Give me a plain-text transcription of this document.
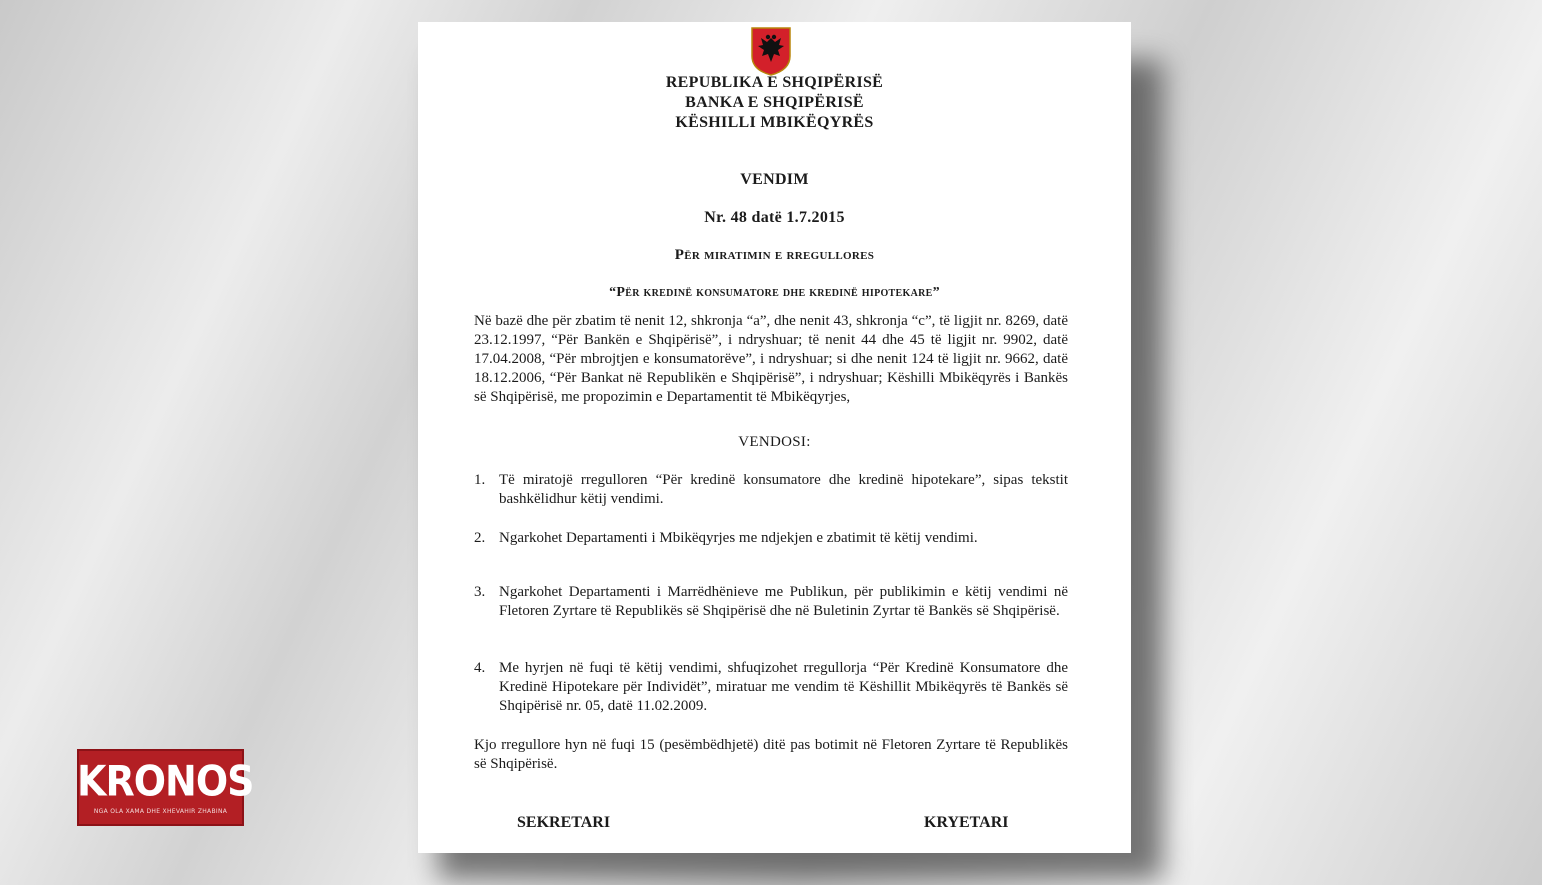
REPUBLIKA E SHQIPËRISË
BANKA E SHQIPËRISË
KËSHILLI MBIKËQYRËS
VENDIM
Nr. 48 datë 1.7.2015
Për miratimin e rregullores
“Për kredinë konsumatore dhe kredinë hipotekare”
Në bazë dhe për zbatim të nenit 12, shkronja “a”, dhe nenit 43, shkronja “c”, të ligjit nr. 8269, datë 23.12.1997, “Për Bankën e Shqipërisë”, i ndryshuar; të nenit 44 dhe 45 të ligjit nr. 9902, datë 17.04.2008, “Për mbrojtjen e konsumatorëve”, i ndryshuar; si dhe nenit 124 të ligjit nr. 9662, datë 18.12.2006, “Për Bankat në Republikën e Shqipërisë”, i ndryshuar; Këshilli Mbikëqyrës i Bankës së Shqipërisë, me propozimin e Departamentit të Mbikëqyrjes,
VENDOSI:
1. Të miratojë rregulloren “Për kredinë konsumatore dhe kredinë hipotekare”, sipas tekstit bashkëlidhur këtij vendimi.
2. Ngarkohet Departamenti i Mbikëqyrjes me ndjekjen e zbatimit të këtij vendimi.
3. Ngarkohet Departamenti i Marrëdhënieve me Publikun, për publikimin e këtij vendimi në Fletoren Zyrtare të Republikës së Shqipërisë dhe në Buletinin Zyrtar të Bankës së Shqipërisë.
4. Me hyrjen në fuqi të këtij vendimi, shfuqizohet rregullorja “Për Kredinë Konsumatore dhe Kredinë Hipotekare për Individët”, miratuar me vendim të Këshillit Mbikëqyrës të Bankës së Shqipërisë nr. 05, datë 11.02.2009.
Kjo rregullore hyn në fuqi 15 (pesëmbëdhjetë) ditë pas botimit në Fletoren Zyrtare të Republikës së Shqipërisë.
SEKRETARI	KRYETARI
KRONOS
NGA OLA XAMA DHE XHEVAHIR ZHABINA
